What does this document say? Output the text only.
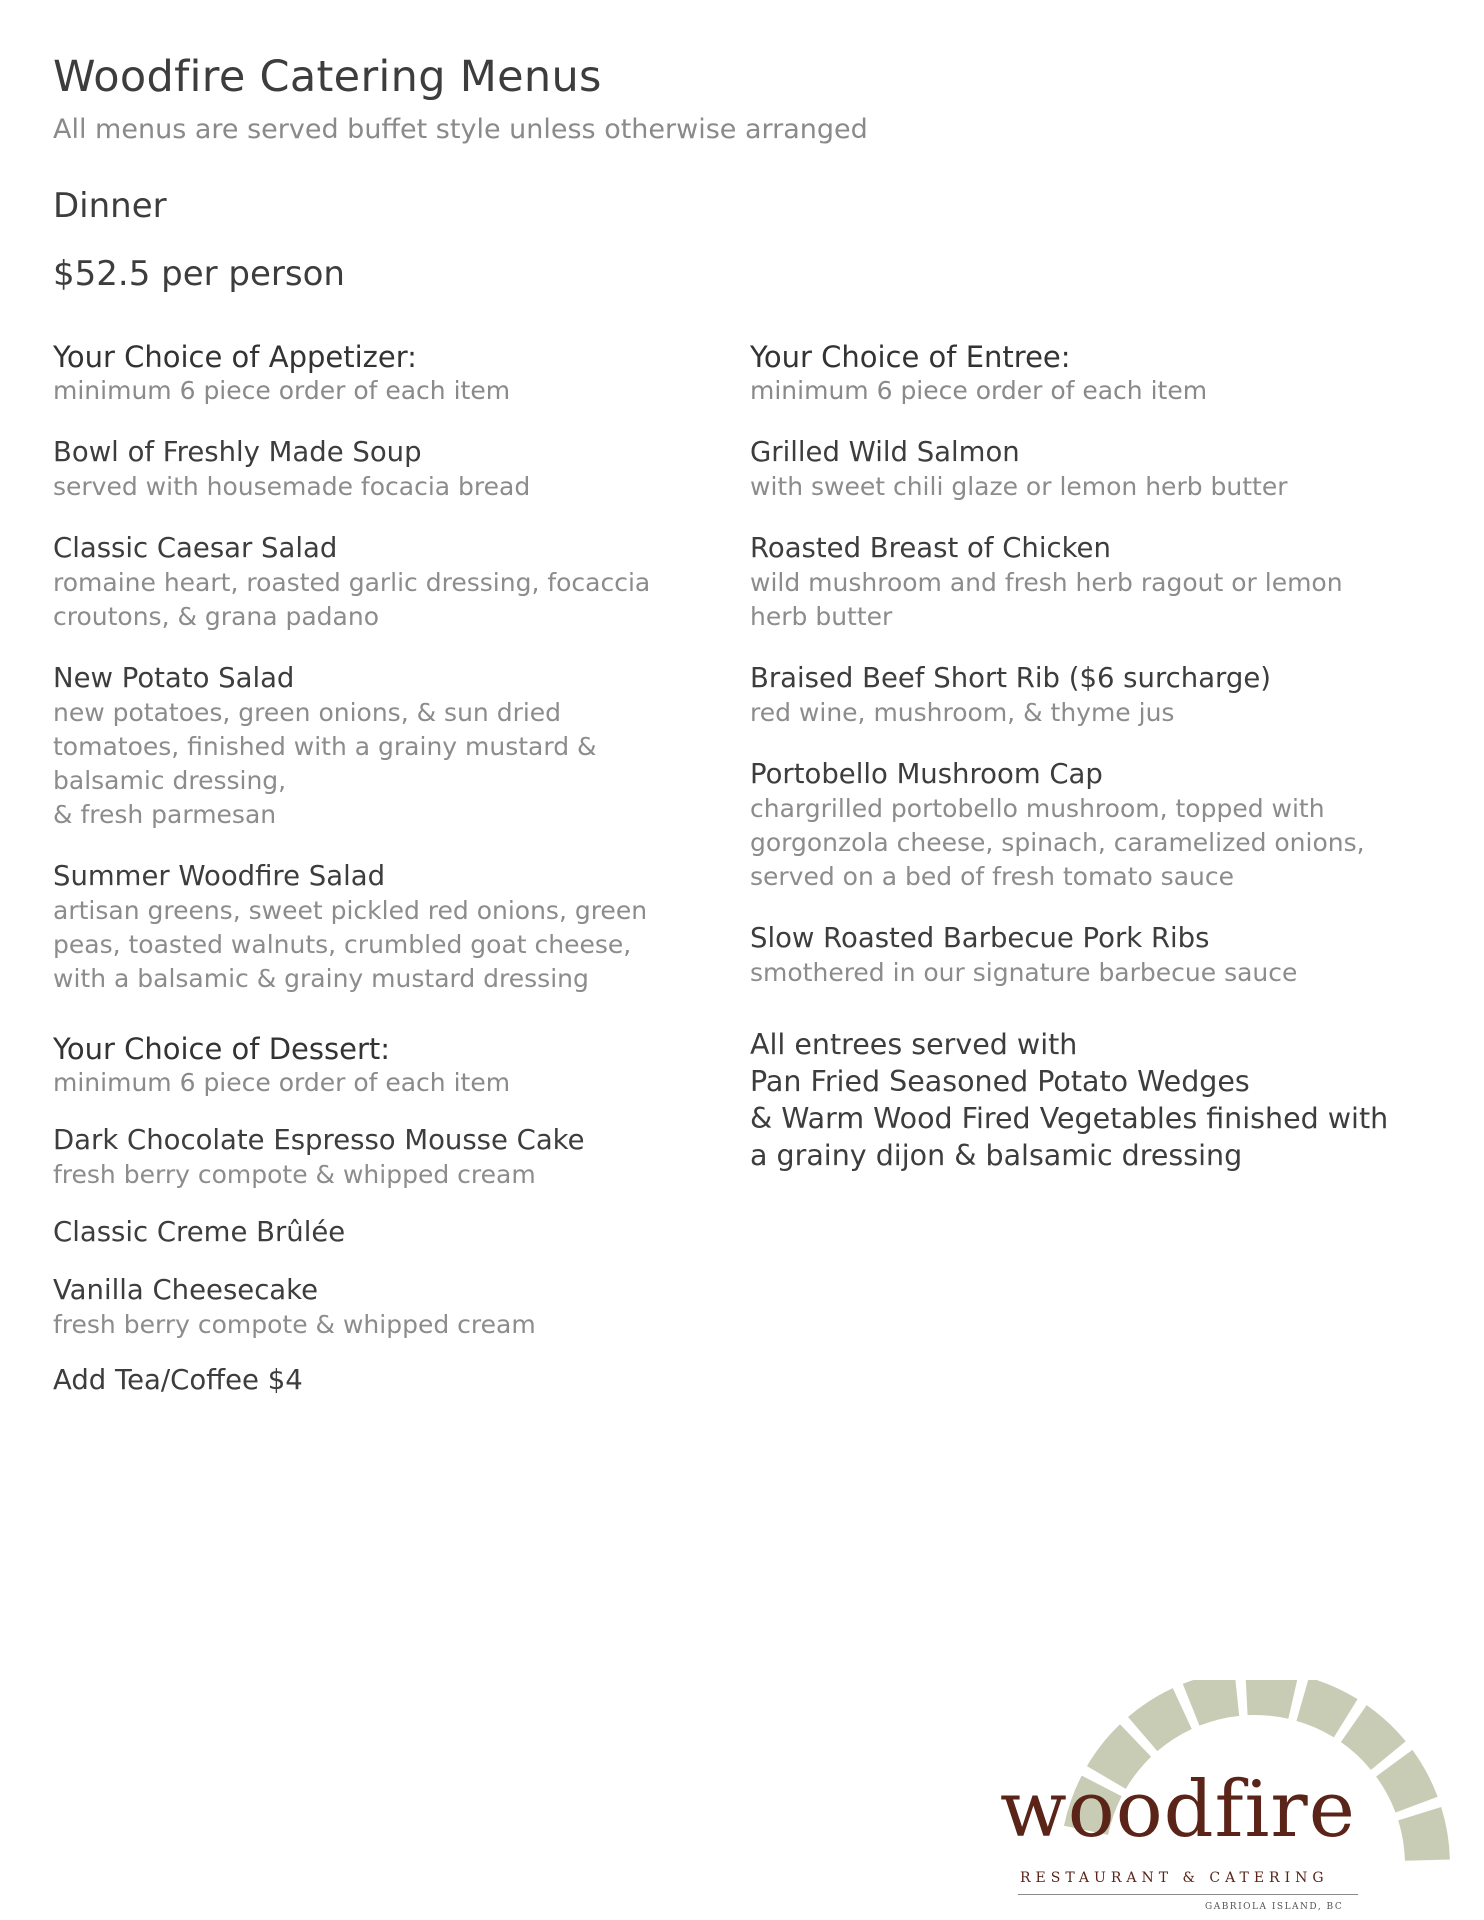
Woodfire Catering Menus
All menus are served buffet style unless otherwise arranged
Dinner
$52.5 per person
Your Choice of Appetizer:
minimum 6 piece order of each item
Bowl of Freshly Made Soup
served with housemade focacia bread
Classic Caesar Salad
romaine heart, roasted garlic dressing, focaccia
croutons, & grana padano
New Potato Salad
new potatoes, green onions, & sun dried
tomatoes, finished with a grainy mustard &
balsamic dressing,
& fresh parmesan
Summer Woodfire Salad
artisan greens, sweet pickled red onions, green
peas, toasted walnuts, crumbled goat cheese,
with a balsamic & grainy mustard dressing
Your Choice of Dessert:
minimum 6 piece order of each item
Dark Chocolate Espresso Mousse Cake
fresh berry compote & whipped cream
Classic Creme Brûlée
Vanilla Cheesecake
fresh berry compote & whipped cream
Add Tea/Coffee $4
Your Choice of Entree:
minimum 6 piece order of each item
Grilled Wild Salmon
with sweet chili glaze or lemon herb butter
Roasted Breast of Chicken
wild mushroom and fresh herb ragout or lemon
herb butter
Braised Beef Short Rib ($6 surcharge)
red wine, mushroom, & thyme jus
Portobello Mushroom Cap
chargrilled portobello mushroom, topped with
gorgonzola cheese, spinach, caramelized onions,
served on a bed of fresh tomato sauce
Slow Roasted Barbecue Pork Ribs
smothered in our signature barbecue sauce
All entrees served with
Pan Fried Seasoned Potato Wedges
& Warm Wood Fired Vegetables finished with
a grainy dijon & balsamic dressing
woodfire
RESTAURANT & CATERING
GABRIOLA ISLAND, BC
